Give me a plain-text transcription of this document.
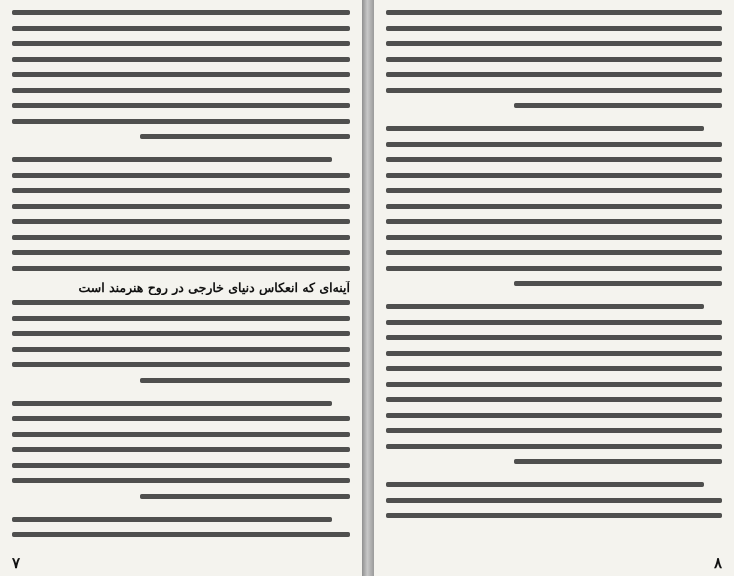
آینه‌ای که انعکاس دنیای خارجی در روح هنرمند است
۷	۸
